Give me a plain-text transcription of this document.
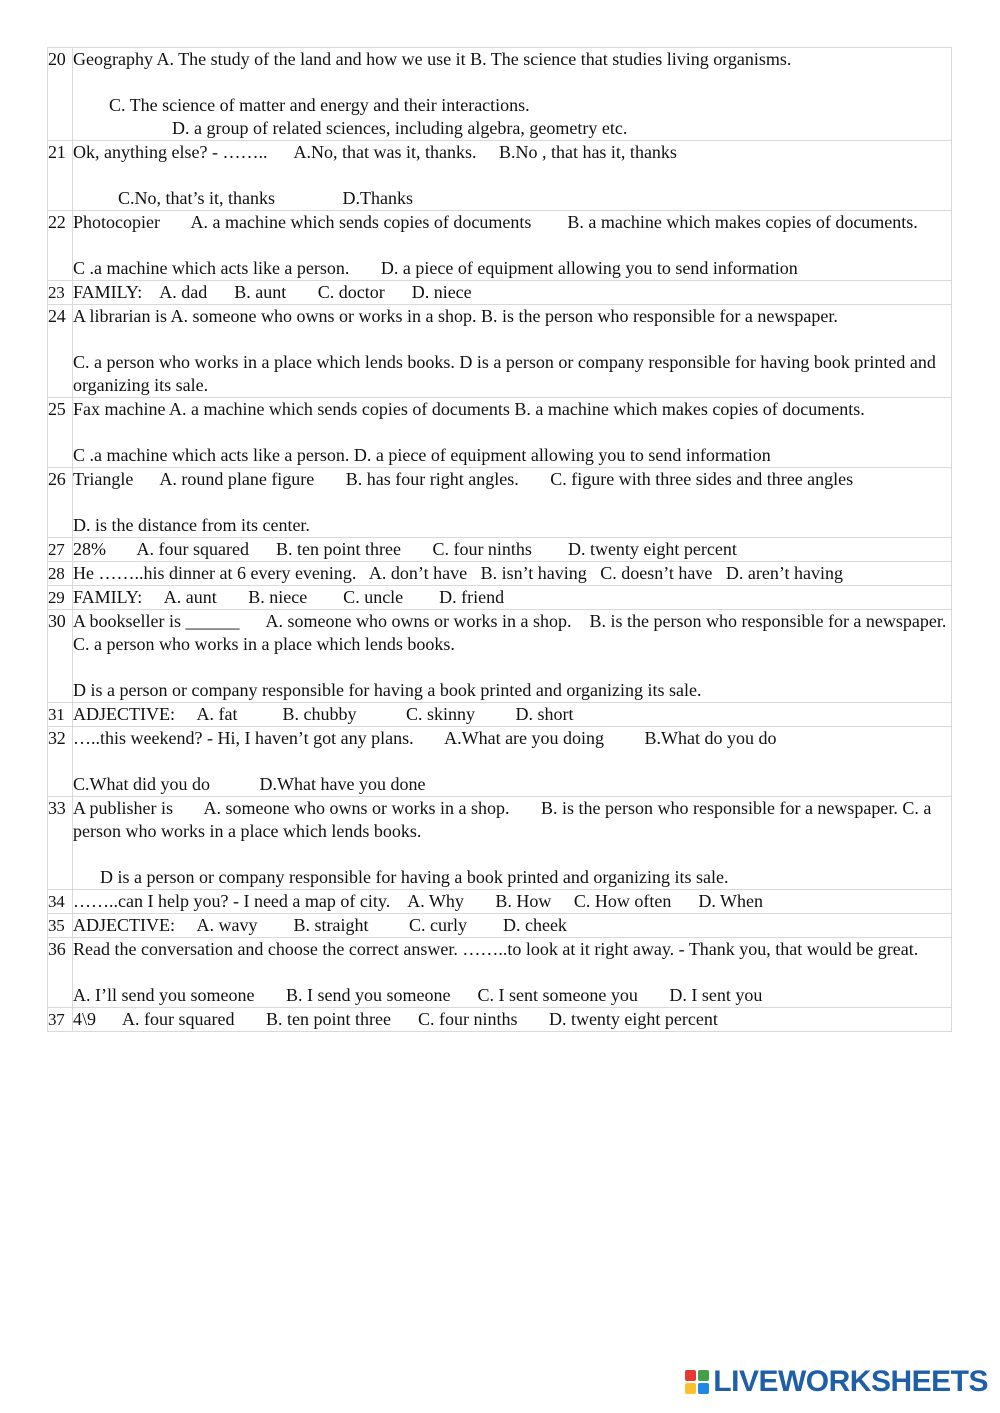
20	Geography A. The study of the land and how we use it B. The science that studies living organisms.
C. The science of matter and energy and their interactions.
D. a group of related sciences, including algebra, geometry etc.

21	Ok, anything else? - ……..      A.No, that was it, thanks.     B.No , that has it, thanks
C.No, that’s it, thanks               D.Thanks

22	Photocopier       A. a machine which sends copies of documents        B. a machine which makes copies of documents.
C .a machine which acts like a person.       D. a piece of equipment allowing you to send information

23	FAMILY:    A. dad      B. aunt       C. doctor      D. niece

24	A librarian is A. someone who owns or works in a shop. B. is the person who responsible for a newspaper.
C. a person who works in a place which lends books. D is a person or company responsible for having book printed and organizing its sale.

25	Fax machine A. a machine which sends copies of documents B. a machine which makes copies of documents.
C .a machine which acts like a person. D. a piece of equipment allowing you to send information

26	Triangle      A. round plane figure       B. has four right angles.       C. figure with three sides and three angles
D. is the distance from its center.

27	28%       A. four squared      B. ten point three       C. four ninths        D. twenty eight percent

28	He ……..his dinner at 6 every evening.   A. don’t have   B. isn’t having   C. doesn’t have   D. aren’t having

29	FAMILY:     A. aunt       B. niece        C. uncle        D. friend

30	A bookseller is ______      A. someone who owns or works in a shop.    B. is the person who responsible for a newspaper.      C. a person who works in a place which lends books.
D is a person or company responsible for having a book printed and organizing its sale.

31	ADJECTIVE:     A. fat          B. chubby           C. skinny         D. short

32	…..this weekend? - Hi, I haven’t got any plans.       A.What are you doing         B.What do you do
C.What did you do           D.What have you done

33	A publisher is       A. someone who owns or works in a shop.       B. is the person who responsible for a newspaper. C. a person who works in a place which lends books.
D is a person or company responsible for having a book printed and organizing its sale.

34	……..can I help you? - I need a map of city.    A. Why       B. How     C. How often      D. When

35	ADJECTIVE:     A. wavy        B. straight         C. curly        D. cheek

36	Read the conversation and choose the correct answer. ……..to look at it right away. - Thank you, that would be great.
A. I’ll send you someone       B. I send you someone      C. I sent someone you       D. I sent you

37	4\9      A. four squared       B. ten point three      C. four ninths       D. twenty eight percent
LIVEWORKSHEETS
